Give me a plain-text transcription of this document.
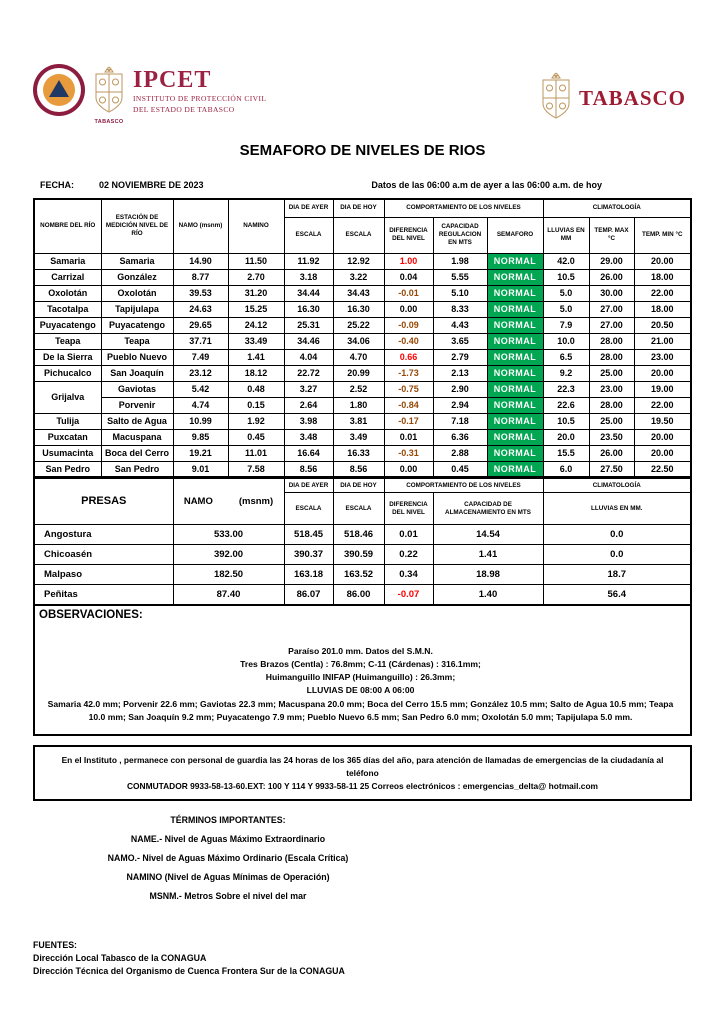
TABASCO
IPCET
INSTITUTO DE PROTECCIÓN CIVIL
DEL ESTADO DE TABASCO	TABASCO
SEMAFORO DE NIVELES DE RIOS
FECHA:	02 NOVIEMBRE DE 2023	Datos de las 06:00 a.m de ayer a las 06:00 a.m. de hoy
NOMBRE DEL RÍO	ESTACIÓN DE MEDICIÓN NIVEL DE RÍO	NAMO (msnm)	NAMINO	DIA DE AYER	DIA DE HOY	COMPORTAMIENTO DE LOS NIVELES			CLIMATOLOGÍA		
				ESCALA	ESCALA	DIFERENCIA DEL NIVEL	CAPACIDAD REGULACION EN MTS	SEMAFORO	LLUVIAS EN MM	TEMP. MAX °C	TEMP. MIN °C
Samaria	Samaria	14.90	11.50	11.92	12.92	1.00	1.98	NORMAL	42.0	29.00	20.00
Carrizal	González	8.77	2.70	3.18	3.22	0.04	5.55	NORMAL	10.5	26.00	18.00
Oxolotán	Oxolotán	39.53	31.20	34.44	34.43	-0.01	5.10	NORMAL	5.0	30.00	22.00
Tacotalpa	Tapijulapa	24.63	15.25	16.30	16.30	0.00	8.33	NORMAL	5.0	27.00	18.00
Puyacatengo	Puyacatengo	29.65	24.12	25.31	25.22	-0.09	4.43	NORMAL	7.9	27.00	20.50
Teapa	Teapa	37.71	33.49	34.46	34.06	-0.40	3.65	NORMAL	10.0	28.00	21.00
De la Sierra	Pueblo Nuevo	7.49	1.41	4.04	4.70	0.66	2.79	NORMAL	6.5	28.00	23.00
Pichucalco	San Joaquín	23.12	18.12	22.72	20.99	-1.73	2.13	NORMAL	9.2	25.00	20.00
Grijalva	Gaviotas	5.42	0.48	3.27	2.52	-0.75	2.90	NORMAL	22.3	23.00	19.00
	Porvenir	4.74	0.15	2.64	1.80	-0.84	2.94	NORMAL	22.6	28.00	22.00
Tulija	Salto de Agua	10.99	1.92	3.98	3.81	-0.17	7.18	NORMAL	10.5	25.00	19.50
Puxcatan	Macuspana	9.85	0.45	3.48	3.49	0.01	6.36	NORMAL	20.0	23.50	20.00
Usumacinta	Boca del Cerro	19.21	11.01	16.64	16.33	-0.31	2.88	NORMAL	15.5	26.00	20.00
San Pedro	San Pedro	9.01	7.58	8.56	8.56	0.00	0.45	NORMAL	6.0	27.50	22.50
PRESAS	NAMO (msnm)	DIA DE AYER	DIA DE HOY	COMPORTAMIENTO DE LOS NIVELES		CLIMATOLOGÍA
		ESCALA	ESCALA	DIFERENCIA DEL NIVEL	CAPACIDAD DE ALMACENAMIENTO EN MTS	LLUVIAS EN MM.
Angostura	533.00	518.45	518.46	0.01	14.54	0.0
Chicoasén	392.00	390.37	390.59	0.22	1.41	0.0
Malpaso	182.50	163.18	163.52	0.34	18.98	18.7
Peñitas	87.40	86.07	86.00	-0.07	1.40	56.4
OBSERVACIONES:
Paraíso 201.0 mm. Datos del S.M.N.
Tres Brazos (Centla) : 76.8mm; C-11 (Cárdenas) : 316.1mm;
Huimanguillo INIFAP (Huimanguillo) : 26.3mm;
LLUVIAS DE 08:00 A 06:00
Samaria 42.0 mm; Porvenir 22.6 mm; Gaviotas 22.3 mm; Macuspana 20.0 mm; Boca del Cerro 15.5 mm; González 10.5 mm; Salto de Agua 10.5 mm; Teapa 10.0 mm; San Joaquín 9.2 mm; Puyacatengo 7.9 mm; Pueblo Nuevo 6.5 mm; San Pedro 6.0 mm; Oxolotán 5.0 mm; Tapijulapa 5.0 mm.
En el Instituto , permanece con personal de guardia las 24 horas de los 365 días del año, para atención de llamadas de emergencias de la ciudadanía al teléfono
CONMUTADOR 9933-58-13-60.EXT: 100 Y 114 Y 9933-58-11 25 Correos electrónicos : emergencias_delta@ hotmail.com
TÉRMINOS IMPORTANTES:
NAME.- Nivel de Aguas Máximo Extraordinario
NAMO.- Nivel de Aguas Máximo Ordinario (Escala Crítica)
NAMINO (Nivel de Aguas Mínimas de Operación)
MSNM.- Metros Sobre el nivel del mar
FUENTES:
Dirección Local Tabasco de la CONAGUA
Dirección Técnica del Organismo de Cuenca Frontera Sur de la CONAGUA
